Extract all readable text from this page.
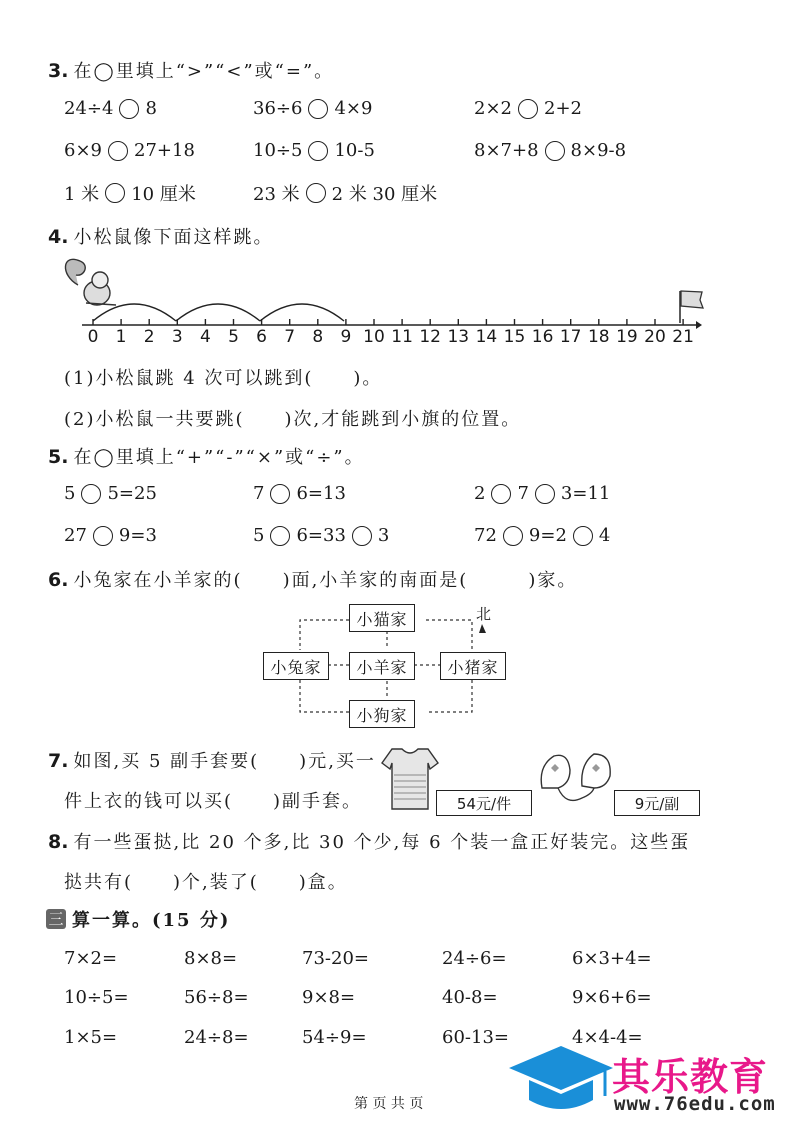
3. 在◯里填上“>”“<”或“=”。
24÷4 8	36÷6 4×9	2×2 2+2
6×9 27+18	10÷5 10-5	8×7+8 8×9-8
1 米 10 厘米	23 米 2 米 30 厘米
4. 小松鼠像下面这样跳。
0 1 2 3 4 5 6 7 8 9 10 11 12 13 14 15 16 17 18 19 20 21
(1)小松鼠跳 4 次可以跳到(　　)。
(2)小松鼠一共要跳(　　)次,才能跳到小旗的位置。
5. 在◯里填上“+”“-”“×”或“÷”。
5 5=25	7 6=13	2 7 3=11
27 9=3	5 6=33 3	72 9=2 4
6. 小兔家在小羊家的(　　)面,小羊家的南面是(　　　)家。
北
小猫家
小羊家
小兔家	小猪家
小狗家
7. 如图,买 5 副手套要(　　)元,买一
件上衣的钱可以买(　　)副手套。	54元/件	9元/副
8. 有一些蛋挞,比 20 个多,比 30 个少,每 6 个装一盒正好装完。这些蛋
挞共有(　　)个,装了(　　)盒。
三 算一算。(15 分)
7×2=	8×8=	73-20=	24÷6=	6×3+4=
10÷5=	56÷8=	9×8=	40-8=	9×6+6=
1×5=	24÷8=	54÷9=	60-13=	4×4-4=
第 页 共 页
其乐教育
www.76edu.com
